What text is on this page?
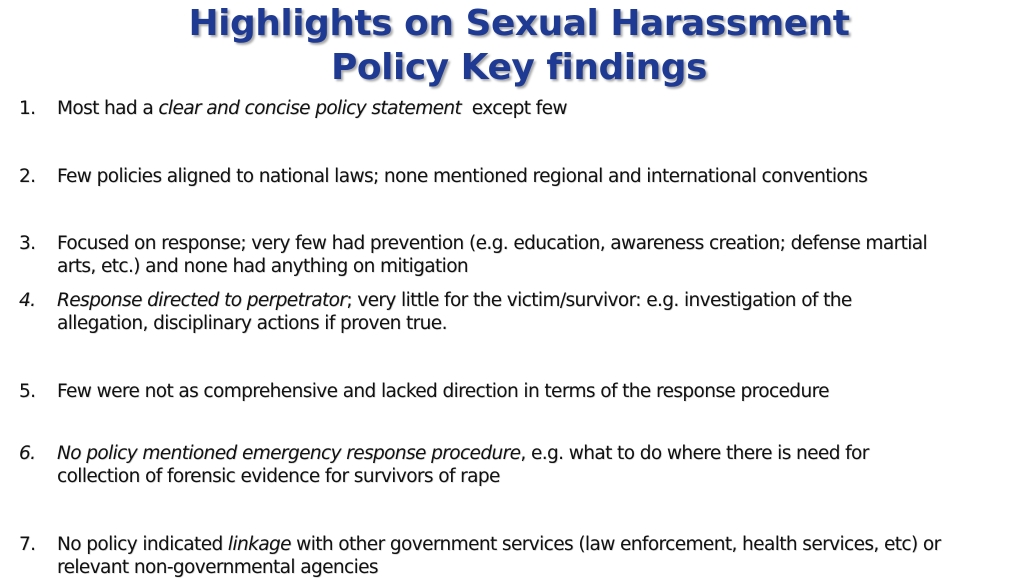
Highlights on Sexual Harassment
Policy Key findings
1. Most had a clear and concise policy statement  except few
2. Few policies aligned to national laws; none mentioned regional and international conventions
3. Focused on response; very few had prevention (e.g. education, awareness creation; defense martial
arts, etc.) and none had anything on mitigation
4. Response directed to perpetrator; very little for the victim/survivor: e.g. investigation of the
allegation, disciplinary actions if proven true.
5. Few were not as comprehensive and lacked direction in terms of the response procedure
6. No policy mentioned emergency response procedure, e.g. what to do where there is need for
collection of forensic evidence for survivors of rape
7. No policy indicated linkage with other government services (law enforcement, health services, etc) or
relevant non-governmental agencies
